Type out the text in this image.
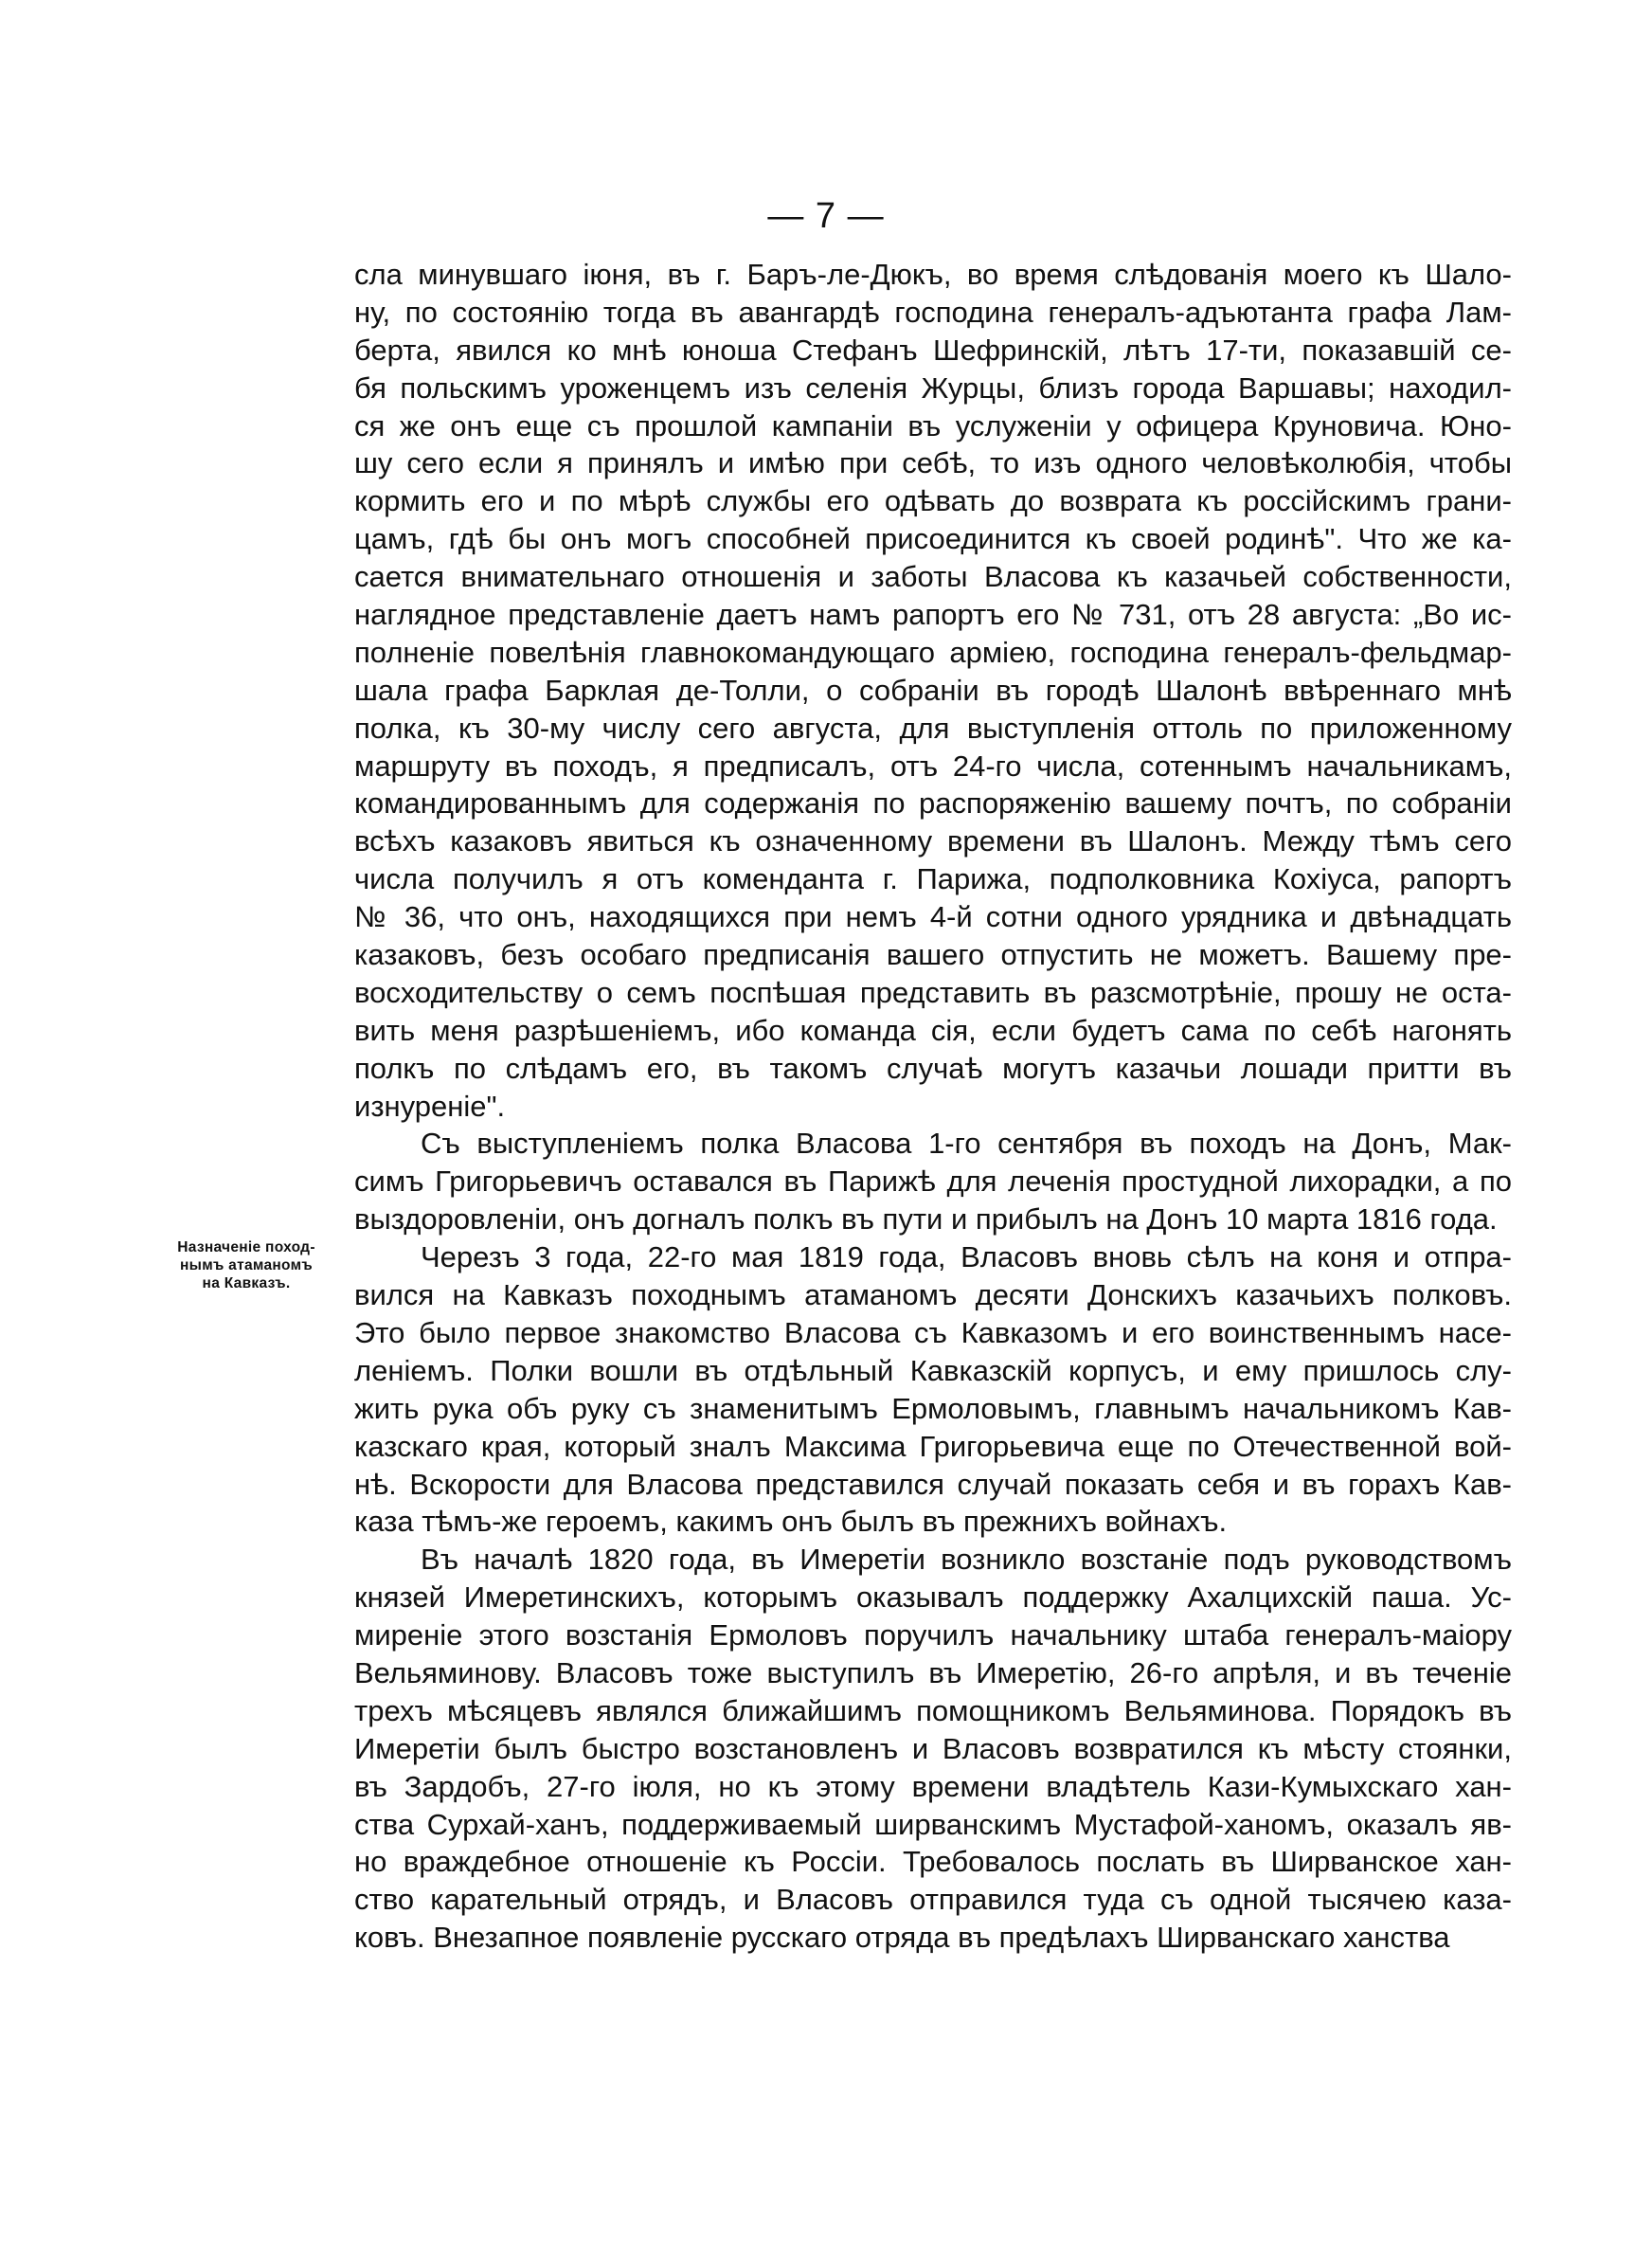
— 7 —
Назначеніе поход-
нымъ атаманомъ
на Кавказъ.
сла минувшаго іюня, въ г. Баръ-ле-Дюкъ, во время слѣдованія моего къ Шало-
ну, по состоянію тогда въ авангардѣ господина генералъ-адъютанта графа Лам-
берта, явился ко мнѣ юноша Стефанъ Шефринскій, лѣтъ 17-ти, показавшій се-
бя польскимъ уроженцемъ изъ селенія Журцы, близъ города Варшавы; находил-
ся же онъ еще съ прошлой кампаніи въ услуженіи у офицера Круновича. Юно-
шу сего если я принялъ и имѣю при себѣ, то изъ одного человѣколюбія, чтобы
кормить его и по мѣрѣ службы его одѣвать до возврата къ россійскимъ грани-
цамъ, гдѣ бы онъ могъ способней присоединится къ своей родинѣ". Что же ка-
сается внимательнаго отношенія и заботы Власова къ казачьей собственности,
наглядное представленіе даетъ намъ рапортъ его № 731, отъ 28 августа: „Во ис-
полненіе повелѣнія главнокомандующаго арміею, господина генералъ-фельдмар-
шала графа Барклая де-Толли, о собраніи въ городѣ Шалонѣ ввѣреннаго мнѣ
полка, къ 30-му числу сего августа, для выступленія оттоль по приложенному
маршруту въ походъ, я предписалъ, отъ 24-го числа, сотеннымъ начальникамъ,
командированнымъ для содержанія по распоряженію вашему почтъ, по собраніи
всѣхъ казаковъ явиться къ означенному времени въ Шалонъ. Между тѣмъ сего
числа получилъ я отъ коменданта г. Парижа, подполковника Кохіуса, рапортъ
№ 36, что онъ, находящихся при немъ 4-й сотни одного урядника и двѣнадцать
казаковъ, безъ особаго предписанія вашего отпустить не можетъ. Вашему пре-
восходительству о семъ поспѣшая представить въ разсмотрѣніе, прошу не оста-
вить меня разрѣшеніемъ, ибо команда сія, если будетъ сама по себѣ нагонять
полкъ по слѣдамъ его, въ такомъ случаѣ могутъ казачьи лошади притти въ
изнуреніе".
Съ выступленіемъ полка Власова 1-го сентября въ походъ на Донъ, Мак-
симъ Григорьевичъ оставался въ Парижѣ для леченія простудной лихорадки, а по
выздоровленіи, онъ догналъ полкъ въ пути и прибылъ на Донъ 10 марта 1816 года.
Черезъ 3 года, 22-го мая 1819 года, Власовъ вновь сѣлъ на коня и отпра-
вился на Кавказъ походнымъ атаманомъ десяти Донскихъ казачьихъ полковъ.
Это было первое знакомство Власова съ Кавказомъ и его воинственнымъ насе-
леніемъ. Полки вошли въ отдѣльный Кавказскій корпусъ, и ему пришлось слу-
жить рука объ руку съ знаменитымъ Ермоловымъ, главнымъ начальникомъ Кав-
казскаго края, который зналъ Максима Григорьевича еще по Отечественной вой-
нѣ. Вскорости для Власова представился случай показать себя и въ горахъ Кав-
каза тѣмъ-же героемъ, какимъ онъ былъ въ прежнихъ войнахъ.
Въ началѣ 1820 года, въ Имеретіи возникло возстаніе подъ руководствомъ
князей Имеретинскихъ, которымъ оказывалъ поддержку Ахалцихскій паша. Ус-
миреніе этого возстанія Ермоловъ поручилъ начальнику штаба генералъ-маіору
Вельяминову. Власовъ тоже выступилъ въ Имеретію, 26-го апрѣля, и въ теченіе
трехъ мѣсяцевъ являлся ближайшимъ помощникомъ Вельяминова. Порядокъ въ
Имеретіи былъ быстро возстановленъ и Власовъ возвратился къ мѣсту стоянки,
въ Зардобъ, 27-го іюля, но къ этому времени владѣтель Кази-Кумыхскаго хан-
ства Сурхай-ханъ, поддерживаемый ширванскимъ Мустафой-ханомъ, оказалъ яв-
но враждебное отношеніе къ Россіи. Требовалось послать въ Ширванское хан-
ство карательный отрядъ, и Власовъ отправился туда съ одной тысячею каза-
ковъ. Внезапное появленіе русскаго отряда въ предѣлахъ Ширванскаго ханства
